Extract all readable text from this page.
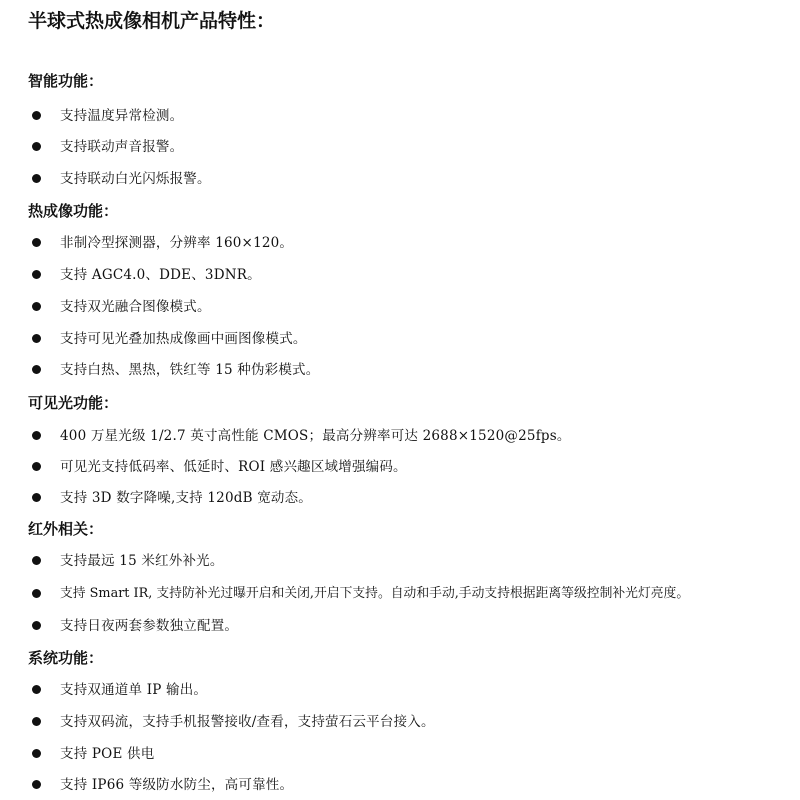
半球式热成像相机产品特性：
智能功能：
支持温度异常检测。
支持联动声音报警。
支持联动白光闪烁报警。
热成像功能：
非制冷型探测器，分辨率 160×120。
支持 AGC4.0、DDE、3DNR。
支持双光融合图像模式。
支持可见光叠加热成像画中画图像模式。
支持白热、黑热，铁红等 15 种伪彩模式。
可见光功能：
400 万星光级 1/2.7 英寸高性能 CMOS；最高分辨率可达 2688×1520@25fps。
可见光支持低码率、低延时、ROI 感兴趣区域增强编码。
支持 3D 数字降噪,支持 120dB 宽动态。
红外相关：
支持最远 15 米红外补光。
支持 Smart IR, 支持防补光过曝开启和关闭,开启下支持。自动和手动,手动支持根据距离等级控制补光灯亮度。
支持日夜两套参数独立配置。
系统功能：
支持双通道单 IP 输出。
支持双码流，支持手机报警接收/查看，支持萤石云平台接入。
支持 POE 供电
支持 IP66 等级防水防尘，高可靠性。
